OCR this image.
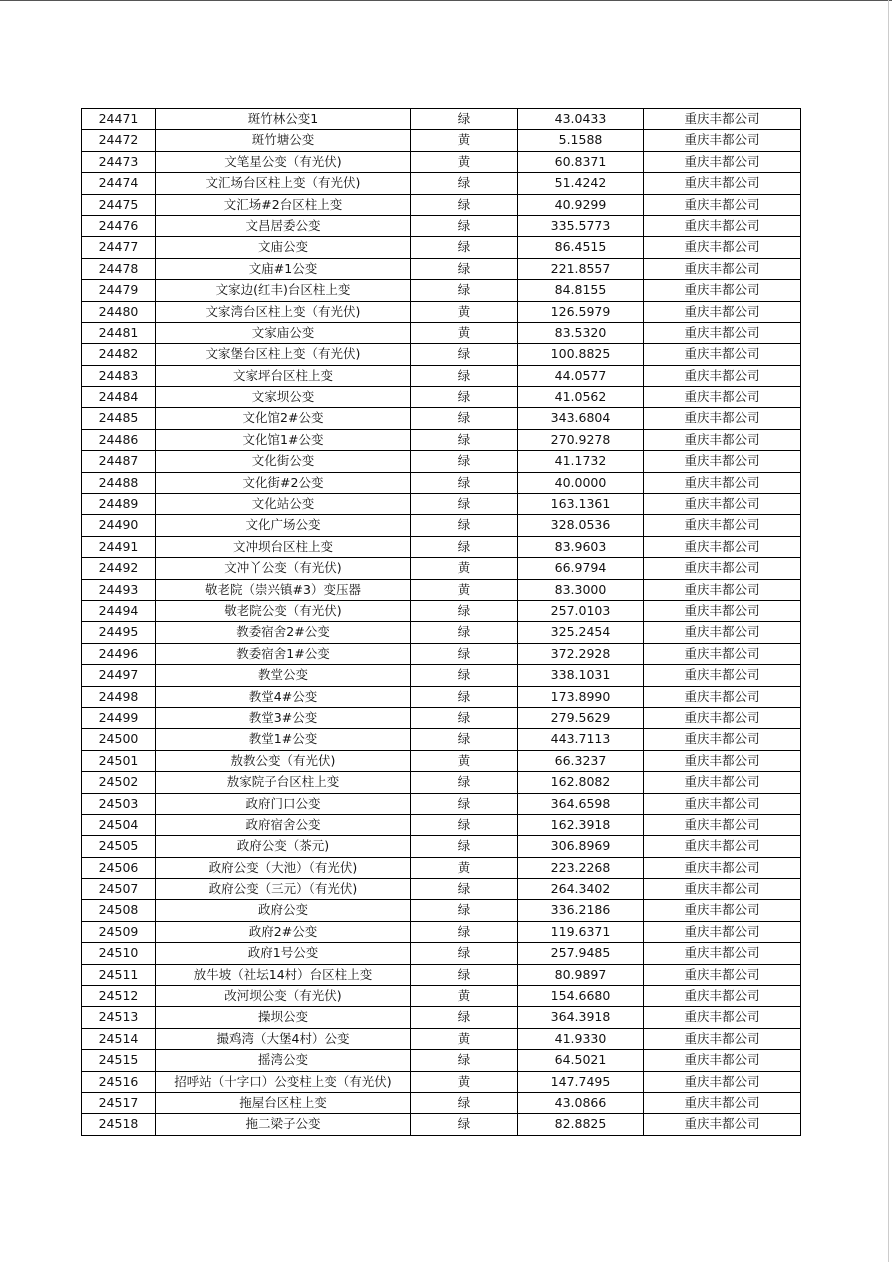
24471	斑竹林公变1	绿	43.0433	重庆丰都公司
24472	斑竹塘公变	黄	5.1588	重庆丰都公司
24473	文笔星公变（有光伏)	黄	60.8371	重庆丰都公司
24474	文汇场台区柱上变（有光伏)	绿	51.4242	重庆丰都公司
24475	文汇场#2台区柱上变	绿	40.9299	重庆丰都公司
24476	文昌居委公变	绿	335.5773	重庆丰都公司
24477	文庙公变	绿	86.4515	重庆丰都公司
24478	文庙#1公变	绿	221.8557	重庆丰都公司
24479	文家边(红丰)台区柱上变	绿	84.8155	重庆丰都公司
24480	文家湾台区柱上变（有光伏)	黄	126.5979	重庆丰都公司
24481	文家庙公变	黄	83.5320	重庆丰都公司
24482	文家堡台区柱上变（有光伏)	绿	100.8825	重庆丰都公司
24483	文家坪台区柱上变	绿	44.0577	重庆丰都公司
24484	文家坝公变	绿	41.0562	重庆丰都公司
24485	文化馆2#公变	绿	343.6804	重庆丰都公司
24486	文化馆1#公变	绿	270.9278	重庆丰都公司
24487	文化街公变	绿	41.1732	重庆丰都公司
24488	文化街#2公变	绿	40.0000	重庆丰都公司
24489	文化站公变	绿	163.1361	重庆丰都公司
24490	文化广场公变	绿	328.0536	重庆丰都公司
24491	文冲坝台区柱上变	绿	83.9603	重庆丰都公司
24492	文冲丫公变（有光伏)	黄	66.9794	重庆丰都公司
24493	敬老院（崇兴镇#3）变压器	黄	83.3000	重庆丰都公司
24494	敬老院公变（有光伏)	绿	257.0103	重庆丰都公司
24495	教委宿舍2#公变	绿	325.2454	重庆丰都公司
24496	教委宿舍1#公变	绿	372.2928	重庆丰都公司
24497	教堂公变	绿	338.1031	重庆丰都公司
24498	教堂4#公变	绿	173.8990	重庆丰都公司
24499	教堂3#公变	绿	279.5629	重庆丰都公司
24500	教堂1#公变	绿	443.7113	重庆丰都公司
24501	敖教公变（有光伏)	黄	66.3237	重庆丰都公司
24502	敖家院子台区柱上变	绿	162.8082	重庆丰都公司
24503	政府门口公变	绿	364.6598	重庆丰都公司
24504	政府宿舍公变	绿	162.3918	重庆丰都公司
24505	政府公变（茶元)	绿	306.8969	重庆丰都公司
24506	政府公变（大池）（有光伏)	黄	223.2268	重庆丰都公司
24507	政府公变（三元）（有光伏)	绿	264.3402	重庆丰都公司
24508	政府公变	绿	336.2186	重庆丰都公司
24509	政府2#公变	绿	119.6371	重庆丰都公司
24510	政府1号公变	绿	257.9485	重庆丰都公司
24511	放牛坡（社坛14村）台区柱上变	绿	80.9897	重庆丰都公司
24512	改河坝公变（有光伏)	黄	154.6680	重庆丰都公司
24513	操坝公变	绿	364.3918	重庆丰都公司
24514	撮鸡湾（大堡4村）公变	黄	41.9330	重庆丰都公司
24515	摇湾公变	绿	64.5021	重庆丰都公司
24516	招呼站（十字口）公变柱上变（有光伏)	黄	147.7495	重庆丰都公司
24517	拖屋台区柱上变	绿	43.0866	重庆丰都公司
24518	拖二梁子公变	绿	82.8825	重庆丰都公司
